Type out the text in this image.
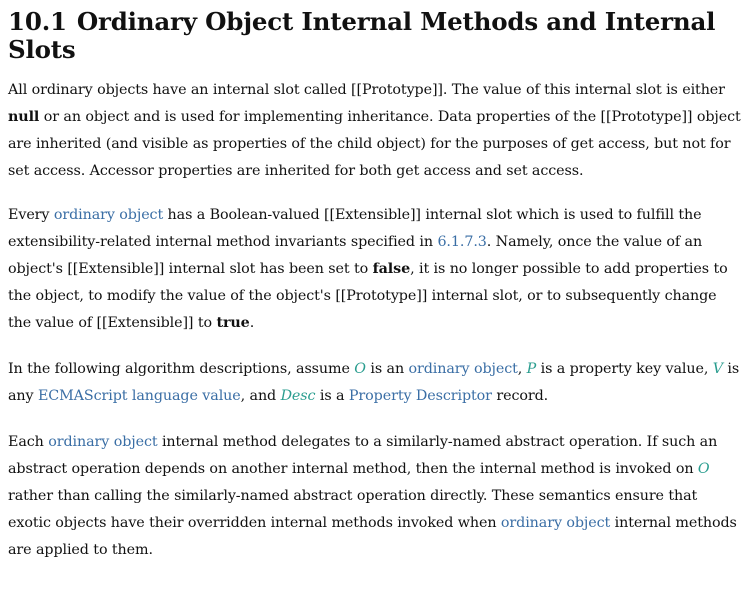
10.1 Ordinary Object Internal Methods and Internal Slots

All ordinary objects have an internal slot called [[Prototype]]. The value of this internal slot is either null or an object and is used for implementing inheritance. Data properties of the [[Prototype]] object are inherited (and visible as properties of the child object) for the purposes of get access, but not for set access. Accessor properties are inherited for both get access and set access.

Every ordinary object has a Boolean-valued [[Extensible]] internal slot which is used to fulfill the extensibility-related internal method invariants specified in 6.1.7.3. Namely, once the value of an object's [[Extensible]] internal slot has been set to false, it is no longer possible to add properties to the object, to modify the value of the object's [[Prototype]] internal slot, or to subsequently change the value of [[Extensible]] to true.

In the following algorithm descriptions, assume O is an ordinary object, P is a property key value, V is any ECMAScript language value, and Desc is a Property Descriptor record.

Each ordinary object internal method delegates to a similarly-named abstract operation. If such an abstract operation depends on another internal method, then the internal method is invoked on O rather than calling the similarly-named abstract operation directly. These semantics ensure that exotic objects have their overridden internal methods invoked when ordinary object internal methods are applied to them.
